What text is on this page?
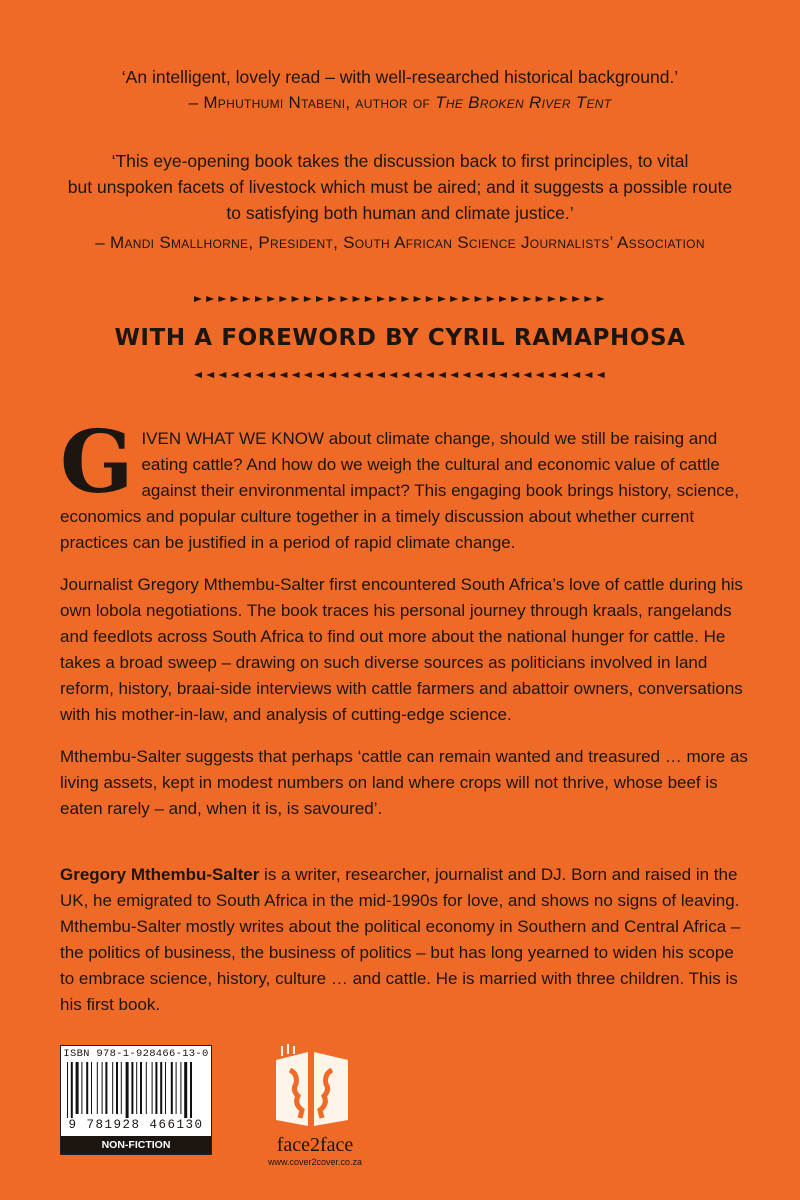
‘An intelligent, lovely read – with well-researched historical background.’
– Mphuthumi Ntabeni, author of The Broken River Tent
‘This eye-opening book takes the discussion back to first principles, to vital
but unspoken facets of livestock which must be aired; and it suggests a possible route
to satisfying both human and climate justice.’
– Mandi Smallhorne, President, South African Science Journalists’ Association
WITH A FOREWORD BY CYRIL RAMAPHOSA
GIVEN WHAT WE KNOW about climate change, should we still be raising and eating cattle? And how do we weigh the cultural and economic value of cattle against their environmental impact? This engaging book brings history, science, economics and popular culture together in a timely discussion about whether current practices can be justified in a period of rapid climate change.
Journalist Gregory Mthembu-Salter first encountered South Africa’s love of cattle during his own lobola negotiations. The book traces his personal journey through kraals, rangelands and feedlots across South Africa to find out more about the national hunger for cattle. He takes a broad sweep – drawing on such diverse sources as politicians involved in land reform, history, braai-side interviews with cattle farmers and abattoir owners, conversations with his mother-in-law, and analysis of cutting-edge science.
Mthembu-Salter suggests that perhaps ‘cattle can remain wanted and treasured … more as living assets, kept in modest numbers on land where crops will not thrive, whose beef is eaten rarely – and, when it is, is savoured’.
Gregory Mthembu-Salter is a writer, researcher, journalist and DJ. Born and raised in the UK, he emigrated to South Africa in the mid-1990s for love, and shows no signs of leaving. Mthembu-Salter mostly writes about the political economy in Southern and Central Africa – the politics of business, the business of politics – but has long yearned to widen his scope to embrace science, history, culture … and cattle. He is married with three children. This is his first book.
ISBN 978-1-928466-13-0
9 781928 466130
NON-FICTION	face2face
www.cover2cover.co.za
